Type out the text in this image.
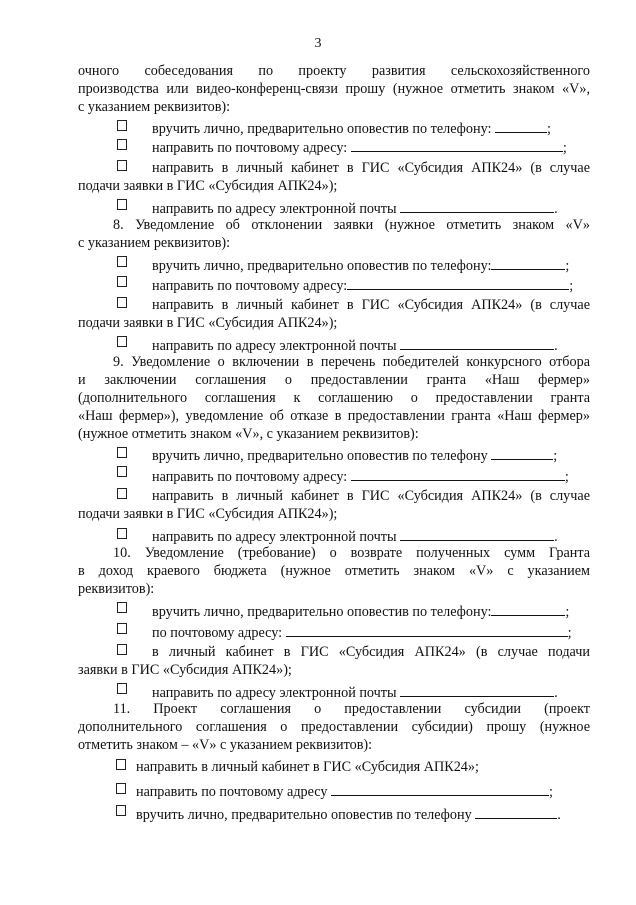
3
очного собеседования по проекту развития сельскохозяйственного
производства или видео-конференц-связи прошу (нужное отметить знаком «V»,
с указанием реквизитов):
вручить лично, предварительно оповестив по телефону:	;
направить по почтовому адресу:	;
направить в личный кабинет в ГИС «Субсидия АПК24» (в случае
подачи заявки в ГИС «Субсидия АПК24»);
направить по адресу электронной почты	.
8. Уведомление об отклонении заявки (нужное отметить знаком «V»
с указанием реквизитов):
вручить лично, предварительно оповестив по телефону:	;
направить по почтовому адресу:	;
направить в личный кабинет в ГИС «Субсидия АПК24» (в случае
подачи заявки в ГИС «Субсидия АПК24»);
направить по адресу электронной почты	.
9. Уведомление о включении в перечень победителей конкурсного отбора
и заключении соглашения о предоставлении гранта «Наш фермер»
(дополнительного соглашения к соглашению о предоставлении гранта
«Наш фермер»), уведомление об отказе в предоставлении гранта «Наш фермер»
(нужное отметить знаком «V», с указанием реквизитов):
вручить лично, предварительно оповестив по телефону	;
направить по почтовому адресу:	;
направить в личный кабинет в ГИС «Субсидия АПК24» (в случае
подачи заявки в ГИС «Субсидия АПК24»);
направить по адресу электронной почты	.
10. Уведомление (требование) о возврате полученных сумм Гранта
в доход краевого бюджета (нужное отметить знаком «V» с указанием
реквизитов):
вручить лично, предварительно оповестив по телефону:	;
по почтовому адресу:	;
в личный кабинет в ГИС «Субсидия АПК24» (в случае подачи
заявки в ГИС «Субсидия АПК24»);
направить по адресу электронной почты	.
11. Проект соглашения о предоставлении субсидии (проект
дополнительного соглашения о предоставлении субсидии) прошу (нужное
отметить знаком – «V» с указанием реквизитов):
направить в личный кабинет в ГИС «Субсидия АПК24»;
направить по почтовому адресу	;
вручить лично, предварительно оповестив по телефону	.
